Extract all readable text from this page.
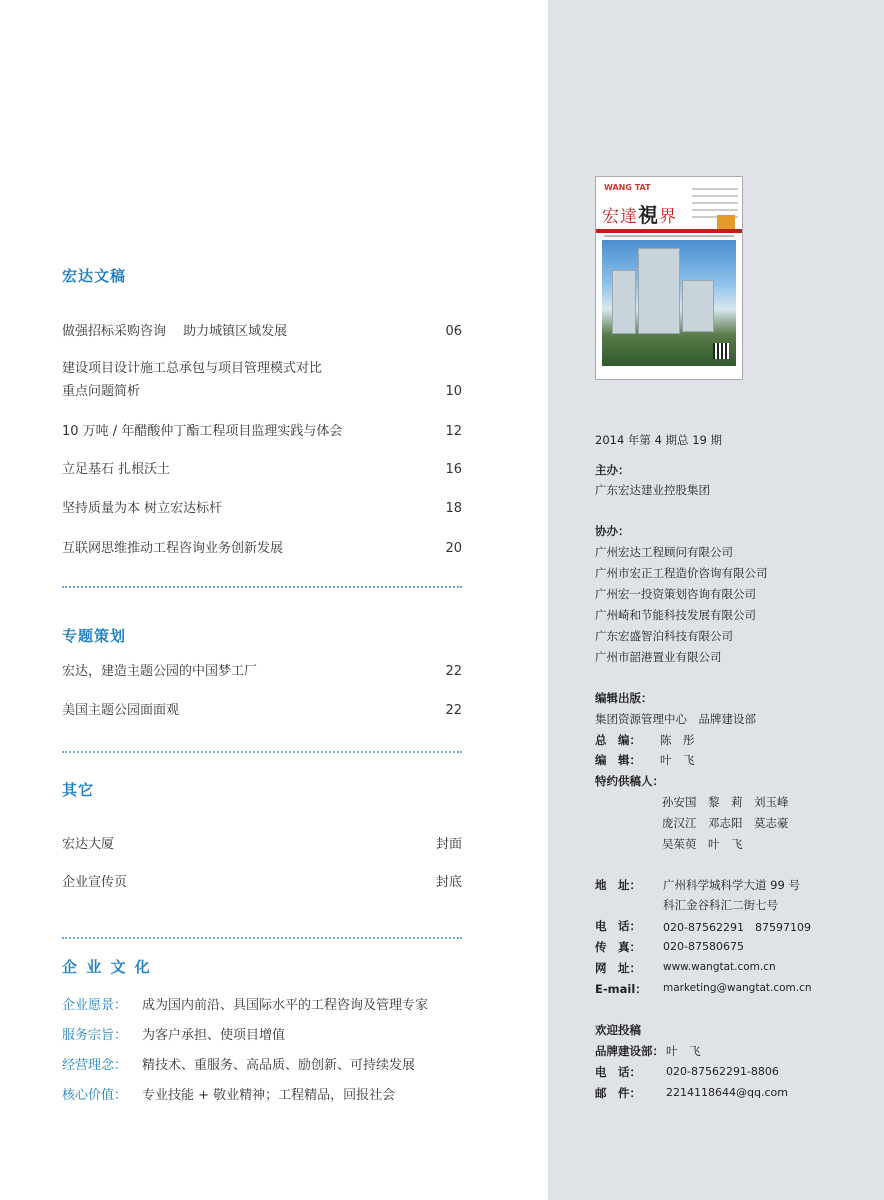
宏达文稿
做强招标采购咨询　 助力城镇区域发展	06
建设项目设计施工总承包与项目管理模式对比
重点问题简析	10
10 万吨 / 年醋酸仲丁酯工程项目监理实践与体会	12
立足基石 扎根沃土	16
坚持质量为本 树立宏达标杆	18
互联网思维推动工程咨询业务创新发展	20
专题策划
宏达，建造主题公园的中国梦工厂	22
美国主题公园面面观	22
其它
宏达大厦	封面
企业宣传页	封底
企 业 文 化
企业愿景： 成为国内前沿、具国际水平的工程咨询及管理专家
服务宗旨： 为客户承担、使项目增值
经营理念： 精技术、重服务、高品质、励创新、可持续发展
核心价值： 专业技能 + 敬业精神；工程精品，回报社会
WANG TAT
宏達視界
2014 年第 4 期总 19 期
主办：
广东宏达建业控股集团
协办：
广州宏达工程顾问有限公司
广州市宏正工程造价咨询有限公司
广州宏一投资策划咨询有限公司
广州崎和节能科技发展有限公司
广东宏盛智泊科技有限公司
广州市韶港置业有限公司
编辑出版：
集团资源管理中心　品牌建设部
总　编： 陈　彤
编　辑： 叶　飞
特约供稿人：
孙安国　黎　莉　刘玉峰
庞汉江　邓志阳　莫志豪
吴茱萸　叶　飞
地　址： 广州科学城科学大道 99 号
科汇金谷科汇二街七号
电　话： 020-87562291　87597109
传　真： 020-87580675
网　址： www.wangtat.com.cn
E-mail： marketing@wangtat.com.cn
欢迎投稿
品牌建设部： 叶　飞
电　话： 020-87562291-8806
邮　件： 2214118644@qq.com
